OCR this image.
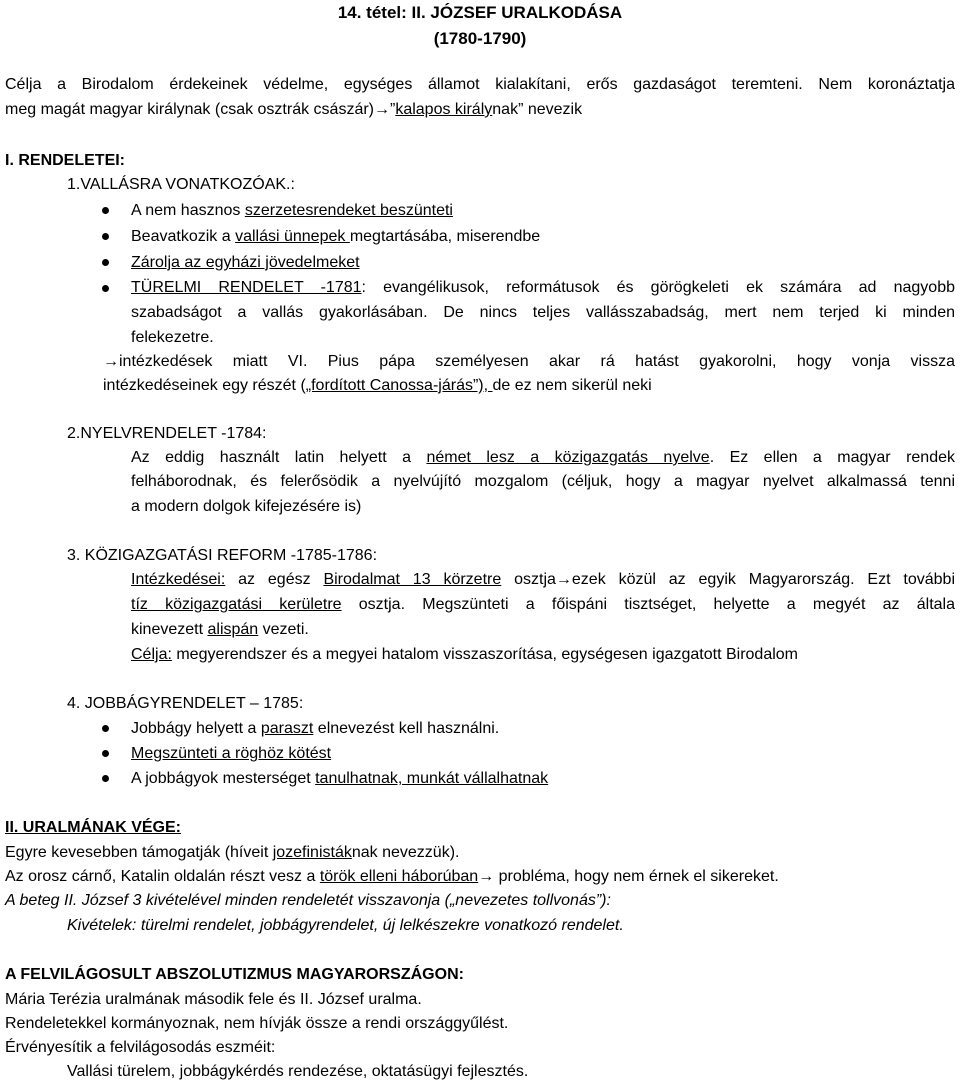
14. tétel: II. JÓZSEF URALKODÁSA
(1780-1790)
Célja a Birodalom érdekeinek védelme, egységes államot kialakítani, erős gazdaságot teremteni. Nem koronáztatja
meg magát magyar királynak (csak osztrák császár)→”kalapos királynak” nevezik
I. RENDELETEI:
1.VALLÁSRA VONATKOZÓAK.:
A nem hasznos szerzetesrendeket beszünteti
Beavatkozik a vallási ünnepek megtartásába, miserendbe
Zárolja az egyházi jövedelmeket
TÜRELMI RENDELET -1781: evangélikusok, reformátusok és görögkeleti ek számára ad nagyobb
szabadságot a vallás gyakorlásában. De nincs teljes vallásszabadság, mert nem terjed ki minden
felekezetre.
→intézkedések miatt VI. Pius pápa személyesen akar rá hatást gyakorolni, hogy vonja vissza
intézkedéseinek egy részét („fordított Canossa-járás”), de ez nem sikerül neki
2.NYELVRENDELET -1784:
Az eddig használt latin helyett a német lesz a közigazgatás nyelve. Ez ellen a magyar rendek
felháborodnak, és felerősödik a nyelvújító mozgalom (céljuk, hogy a magyar nyelvet alkalmassá tenni
a modern dolgok kifejezésére is)
3. KÖZIGAZGATÁSI REFORM -1785-1786:
Intézkedései: az egész Birodalmat 13 körzetre osztja→ezek közül az egyik Magyarország. Ezt további
tíz közigazgatási kerületre osztja. Megszünteti a főispáni tisztséget, helyette a megyét az általa
kinevezett alispán vezeti.
Célja: megyerendszer és a megyei hatalom visszaszorítása, egységesen igazgatott Birodalom
4. JOBBÁGYRENDELET – 1785:
Jobbágy helyett a paraszt elnevezést kell használni.
Megszünteti a röghöz kötést
A jobbágyok mesterséget tanulhatnak, munkát vállalhatnak
II. URALMÁNAK VÉGE:
Egyre kevesebben támogatják (híveit jozefinistáknak nevezzük).
Az orosz cárnő, Katalin oldalán részt vesz a török elleni háborúban→ probléma, hogy nem érnek el sikereket.
A beteg II. József 3 kivételével minden rendeletét visszavonja („nevezetes tollvonás”):
Kivételek: türelmi rendelet, jobbágyrendelet, új lelkészekre vonatkozó rendelet.
A FELVILÁGOSULT ABSZOLUTIZMUS MAGYARORSZÁGON:
Mária Terézia uralmának második fele és II. József uralma.
Rendeletekkel kormányoznak, nem hívják össze a rendi országgyűlést.
Érvényesítik a felvilágosodás eszméit:
Vallási türelem, jobbágykérdés rendezése, oktatásügyi fejlesztés.
